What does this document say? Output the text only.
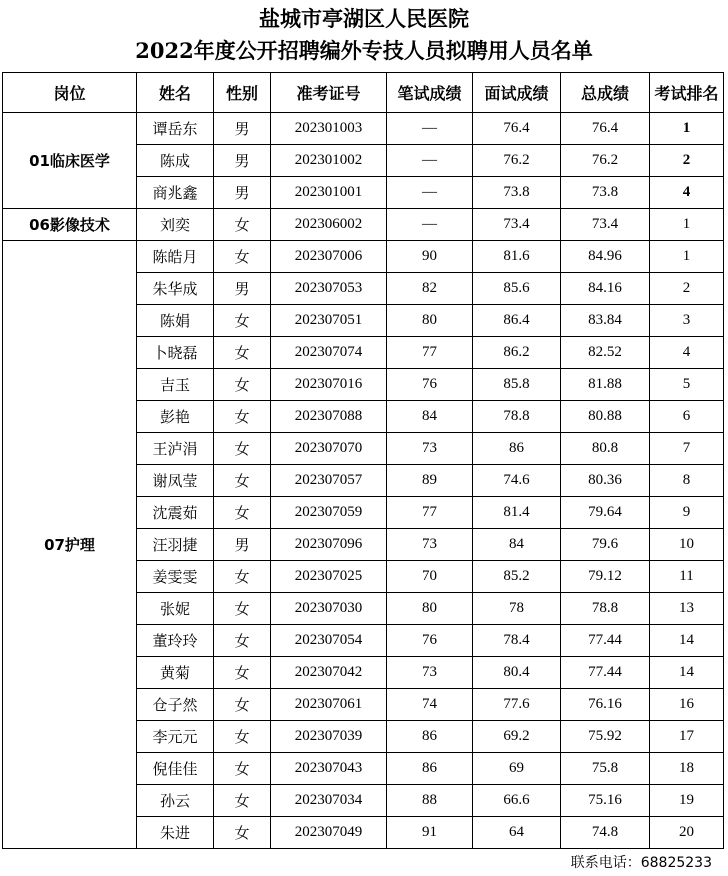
盐城市亭湖区人民医院
2022年度公开招聘编外专技人员拟聘用人员名单
岗位	姓名	性别	准考证号	笔试成绩	面试成绩	总成绩	考试排名
01临床医学	谭岳东	男	202301003	—	76.4	76.4	1
	陈成	男	202301002	—	76.2	76.2	2
	商兆鑫	男	202301001	—	73.8	73.8	4
06影像技术	刘奕	女	202306002	—	73.4	73.4	1
07护理	陈皓月	女	202307006	90	81.6	84.96	1
	朱华成	男	202307053	82	85.6	84.16	2
	陈娟	女	202307051	80	86.4	83.84	3
	卜晓磊	女	202307074	77	86.2	82.52	4
	吉玉	女	202307016	76	85.8	81.88	5
	彭艳	女	202307088	84	78.8	80.88	6
	王泸涓	女	202307070	73	86	80.8	7
	谢凤莹	女	202307057	89	74.6	80.36	8
	沈震茹	女	202307059	77	81.4	79.64	9
	汪羽捷	男	202307096	73	84	79.6	10
	姜雯雯	女	202307025	70	85.2	79.12	11
	张妮	女	202307030	80	78	78.8	13
	董玲玲	女	202307054	76	78.4	77.44	14
	黄菊	女	202307042	73	80.4	77.44	14
	仓子然	女	202307061	74	77.6	76.16	16
	李元元	女	202307039	86	69.2	75.92	17
	倪佳佳	女	202307043	86	69	75.8	18
	孙云	女	202307034	88	66.6	75.16	19
	朱进	女	202307049	91	64	74.8	20
联系电话：68825233
